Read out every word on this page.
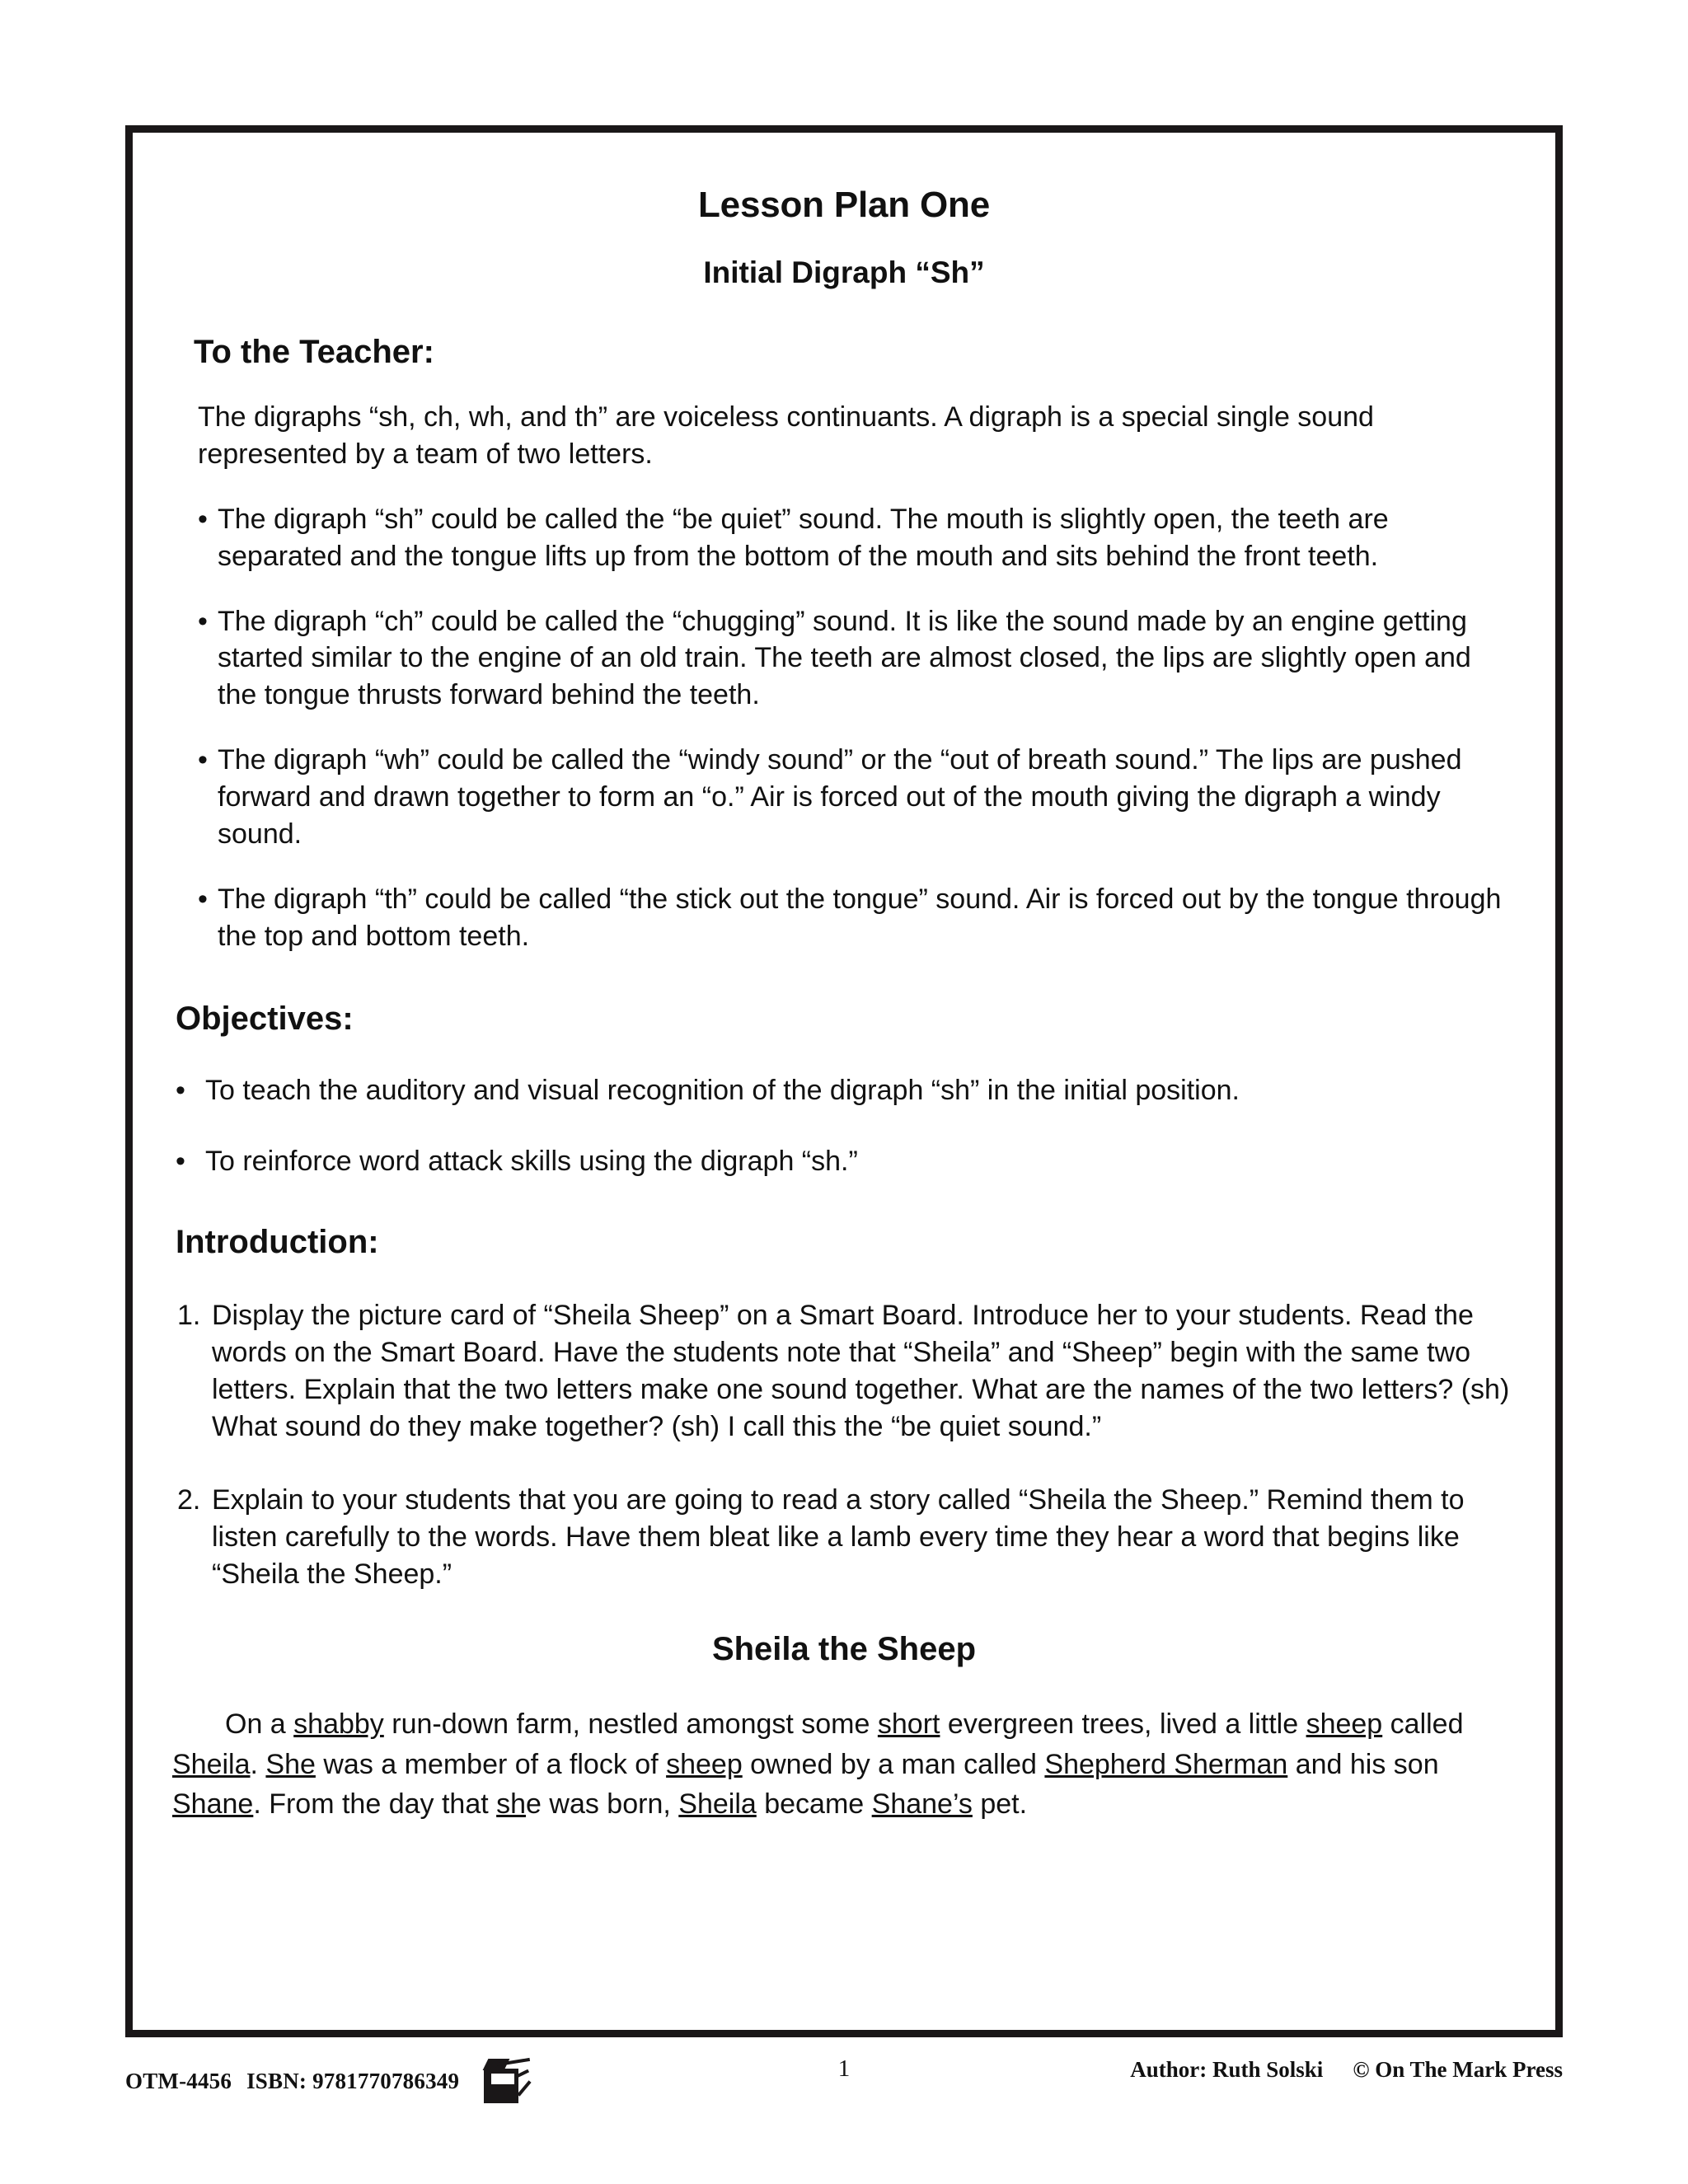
Lesson Plan One
Initial Digraph “Sh”
To the Teacher:

The digraphs “sh, ch, wh, and th” are voiceless continuants. A digraph is a special single sound represented by a team of two letters.

• The digraph “sh” could be called the “be quiet” sound. The mouth is slightly open, the teeth are separated and the tongue lifts up from the bottom of the mouth and sits behind the front teeth.
• The digraph “ch” could be called the “chugging” sound. It is like the sound made by an engine getting started similar to the engine of an old train. The teeth are almost closed, the lips are slightly open and the tongue thrusts forward behind the teeth.
• The digraph “wh” could be called the “windy sound” or the “out of breath sound.” The lips are pushed forward and drawn together to form an “o.” Air is forced out of the mouth giving the digraph a windy sound.
• The digraph “th” could be called “the stick out the tongue” sound. Air is forced out by the tongue through the top and bottom teeth.
Objectives:
• To teach the auditory and visual recognition of the digraph “sh” in the initial position.
• To reinforce word attack skills using the digraph “sh.”
Introduction:
1. Display the picture card of “Sheila Sheep” on a Smart Board. Introduce her to your students. Read the words on the Smart Board. Have the students note that “Sheila” and “Sheep” begin with the same two letters. Explain that the two letters make one sound together. What are the names of the two letters? (sh) What sound do they make together? (sh) I call this the “be quiet sound.”
2. Explain to your students that you are going to read a story called “Sheila the Sheep.” Remind them to listen carefully to the words. Have them bleat like a lamb every time they hear a word that begins like “Sheila the Sheep.”
Sheila the Sheep

On a shabby run-down farm, nestled amongst some short evergreen trees, lived a little sheep called Sheila. She was a member of a flock of sheep owned by a man called Shepherd Sherman and his son Shane. From the day that she was born, Sheila became Shane’s pet.

OTM-4456 ISBN: 9781770786349	1	Author: Ruth Solski © On The Mark Press
